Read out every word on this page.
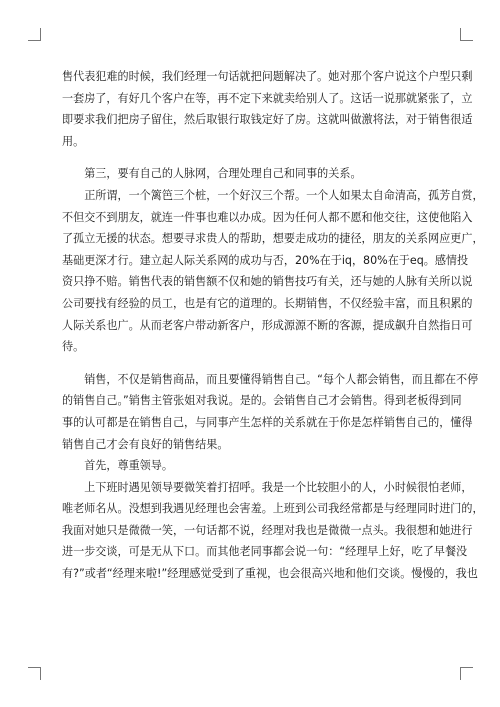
售代表犯难的时候，我们经理一句话就把问题解决了。她对那个客户说这个户型只剩
一套房了，有好几个客户在等，再不定下来就卖给别人了。这话一说那就紧张了，立
即要求我们把房子留住，然后取银行取钱定好了房。这就叫做激将法，对于销售很适
用。
　　第三，要有自己的人脉网，合理处理自己和同事的关系。
　　正所谓，一个篱笆三个桩，一个好汉三个帮。一个人如果太自命清高，孤芳自赏，
不但交不到朋友，就连一件事也难以办成。因为任何人都不愿和他交往，这使他陷入
了孤立无援的状态。想要寻求贵人的帮助，想要走成功的捷径，朋友的关系网应更广，
基础更深才行。建立起人际关系网的成功与否，20%在于iq，80%在于eq。感情投
资只挣不赔。销售代表的销售额不仅和她的销售技巧有关，还与她的人脉有关所以说
公司要找有经验的员工，也是有它的道理的。长期销售，不仅经验丰富，而且积累的
人际关系也广。从而老客户带动新客户，形成源源不断的客源，提成飙升自然指日可
待。
　　销售，不仅是销售商品，而且要懂得销售自己。“每个人都会销售，而且都在不停
的销售自己。”销售主管张姐对我说。是的。会销售自己才会销售。得到老板得到同
事的认可都是在销售自己，与同事产生怎样的关系就在于你是怎样销售自己的，懂得
销售自己才会有良好的销售结果。
　　首先，尊重领导。
　　上下班时遇见领导要微笑着打招呼。我是一个比较胆小的人，小时候很怕老师，
唯老师名从。没想到我遇见经理也会害羞。上班到公司我经常都是与经理同时进门的，
我面对她只是微微一笑，一句话都不说，经理对我也是微微一点头。我很想和她进行
进一步交谈，可是无从下口。而其他老同事都会说一句：“经理早上好，吃了早餐没
有?”或者“经理来啦!”经理感觉受到了重视，也会很高兴地和他们交谈。慢慢的，我也
